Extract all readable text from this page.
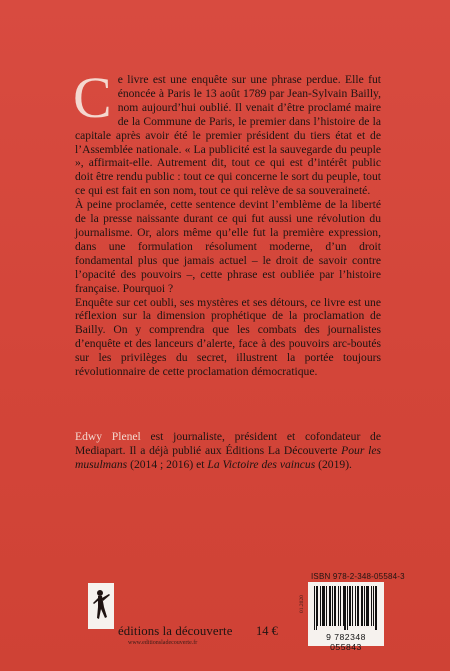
Ce livre est une enquête sur une phrase perdue. Elle fut énoncée à Paris le 13 août 1789 par Jean-Sylvain Bailly, nom aujourd’hui oublié. Il venait d’être proclamé maire de la Commune de Paris, le premier dans l’histoire de la capitale après avoir été le premier président du tiers état et de l’Assemblée nationale. « La publicité est la sauvegarde du peuple », affirmait-elle. Autrement dit, tout ce qui est d’intérêt public doit être rendu public : tout ce qui concerne le sort du peuple, tout ce qui est fait en son nom, tout ce qui relève de sa souveraineté.

À peine proclamée, cette sentence devint l’emblème de la liberté de la presse naissante durant ce qui fut aussi une révolution du journalisme. Or, alors même qu’elle fut la première expression, dans une formulation résolument moderne, d’un droit fondamental plus que jamais actuel – le droit de savoir contre l’opacité des pouvoirs –, cette phrase est oubliée par l’histoire française. Pourquoi ?

Enquête sur cet oubli, ses mystères et ses détours, ce livre est une réflexion sur la dimension prophétique de la proclamation de Bailly. On y comprendra que les combats des journalistes d’enquête et des lanceurs d’alerte, face à des pouvoirs arc-boutés sur les privilèges du secret, illustrent la portée toujours révolutionnaire de cette proclamation démocratique.

Edwy Plenel est journaliste, président et cofondateur de Mediapart. Il a déjà publié aux Éditions La Découverte Pour les musulmans (2014 ; 2016) et La Victoire des vaincus (2019).

éditions la découverte
www.editionsladecouverte.fr
14 €
01.2020
ISBN 978-2-348-05584-3
9 782348 055843
